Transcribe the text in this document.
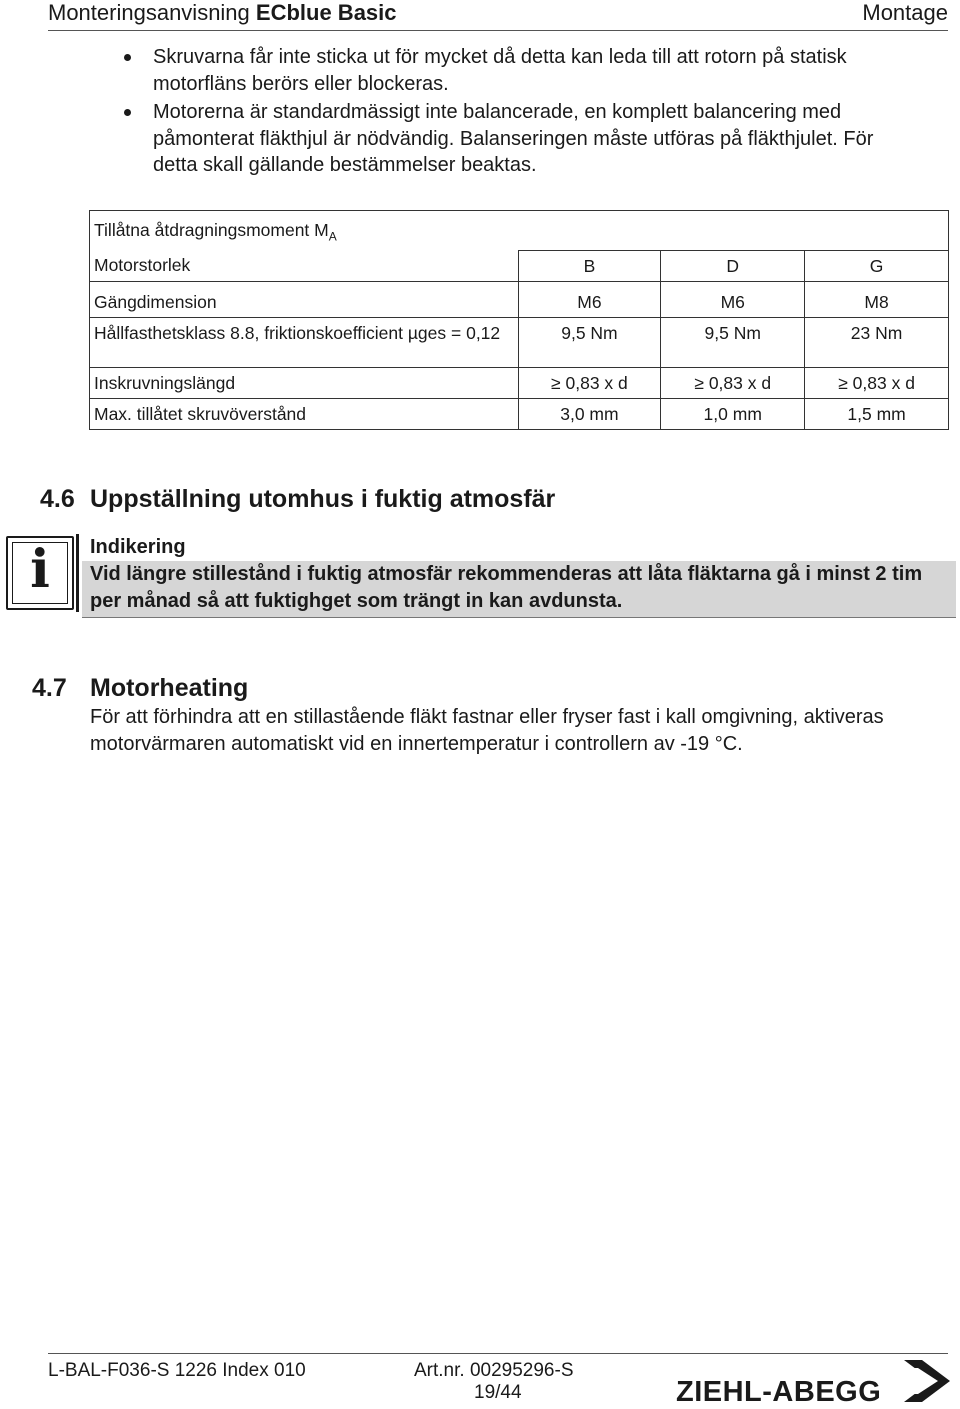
Monteringsanvisning ECblue Basic	Montage
Skruvarna får inte sticka ut för mycket då detta kan leda till att rotorn på statisk motorfläns berörs eller blockeras.
Motorerna är standardmässigt inte balancerade, en komplett balancering med påmonterat fläkthjul är nödvändig. Balanseringen måste utföras på fläkthjulet. För detta skall gällande bestämmelser beaktas.
Tillåtna åtdragningsmoment $M_A$
Motorstorlek	B	D	G
Gängdimension	M6	M6	M8
Hållfasthetsklass 8.8, friktionskoefficient µges = 0,12	9,5 Nm	9,5 Nm	23 Nm
Inskruvningslängd	≥ 0,83 x d	≥ 0,83 x d	≥ 0,83 x d
Max. tillåtet skruvöverstånd	3,0 mm	1,0 mm	1,5 mm
4.6 Uppställning utomhus i fuktig atmosfär
i	Indikering
Vid längre stillestånd i fuktig atmosfär rekommenderas att låta fläktarna gå i minst 2 tim per månad så att fuktighget som trängt in kan avdunsta.
4.7 Motorheating

För att förhindra att en stillastående fläkt fastnar eller fryser fast i kall omgivning, aktiveras motorvärmaren automatiskt vid en innertemperatur i controllern av -19 °C.

L-BAL-F036-S 1226 Index 010	Art.nr. 00295296-S
19/44	ZIEHL-ABEGG
